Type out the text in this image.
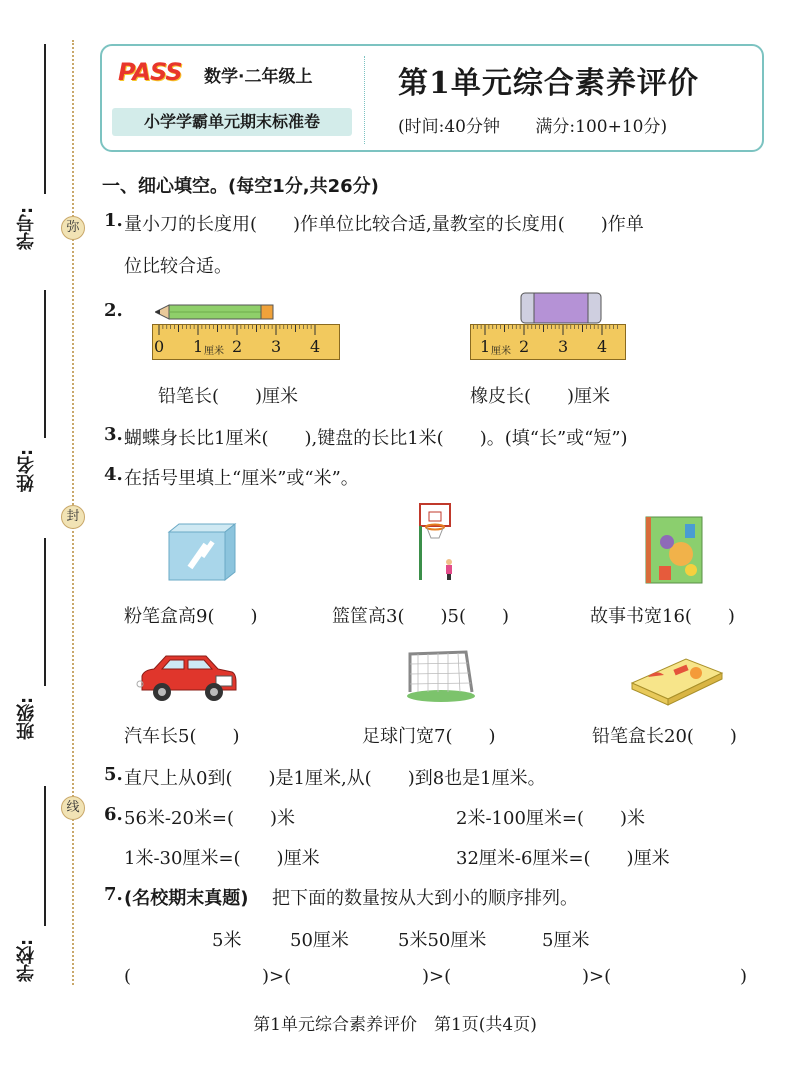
学号:
姓名:
班级:
学校:
弥
封
线
PASS 数学·二年级上
小学学霸单元期末标准卷
第1单元综合素养评价
(时间:40分钟 满分:100+10分)
一、细心填空。(每空1分,共26分)
1. 量小刀的长度用(　　)作单位比较合适,量教室的长度用(　　)作单
位比较合适。
2.
0 1 厘米 2 3 4
铅笔长(　　)厘米
1 厘米 2 3 4
橡皮长(　　)厘米
3. 蝴蝶身长比1厘米(　　),键盘的长比1米(　　)。(填“长”或“短”)
4. 在括号里填上“厘米”或“米”。
粉笔盒高9(　　)	篮筐高3(　　)5(　　)	故事书宽16(　　)
汽车长5(　　)	足球门宽7(　　)	铅笔盒长20(　　)
5. 直尺上从0到(　　)是1厘米,从(　　)到8也是1厘米。
6. 56米-20米=(　　)米	2米-100厘米=(　　)米
1米-30厘米=(　　)厘米	32厘米-6厘米=(　　)厘米
7. (名校期末真题) 把下面的数量按从大到小的顺序排列。
5米	50厘米	5米50厘米	5厘米
(	)>(	)>(	)>(	)
第1单元综合素养评价　第1页(共4页)
